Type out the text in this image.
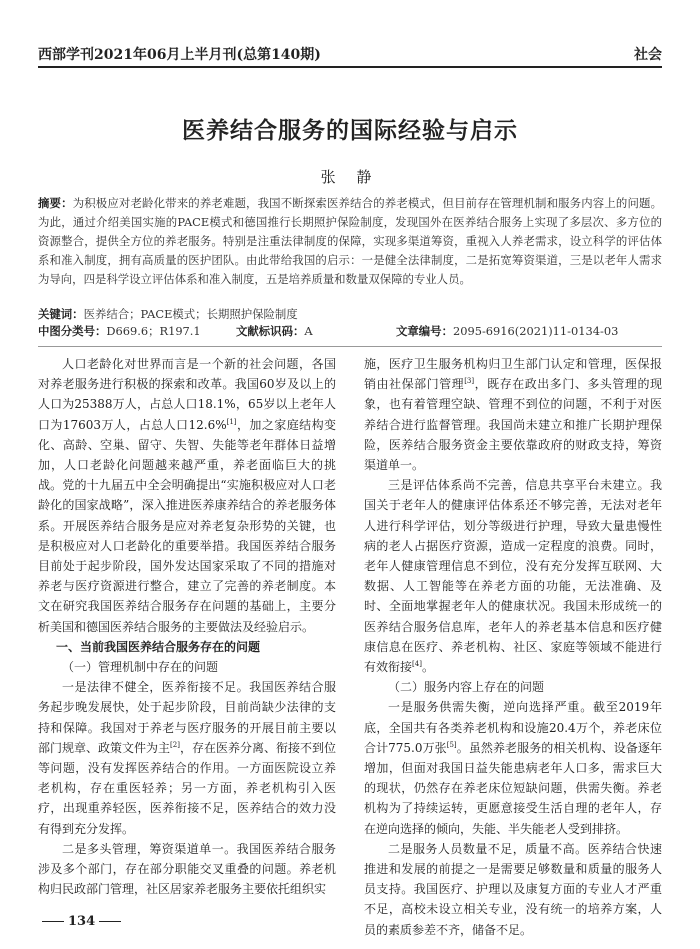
西部学刊2021年06月上半月刊(总第140期)	社会
医养结合服务的国际经验与启示
张 静
摘要：为积极应对老龄化带来的养老难题，我国不断探索医养结合的养老模式，但目前存在管理机制和服务内容上的问题。为此，通过介绍美国实施的PACE模式和德国推行长期照护保险制度，发现国外在医养结合服务上实现了多层次、多方位的资源整合，提供全方位的养老服务。特别是注重法律制度的保障，实现多渠道筹资，重视入人养老需求，设立科学的评估体系和准入制度，拥有高质量的医护团队。由此带给我国的启示：一是健全法律制度，二是拓宽筹资渠道，三是以老年人需求为导向，四是科学设立评估体系和准入制度，五是培养质量和数量双保障的专业人员。
关键词：医养结合；PACE模式；长期照护保险制度
中图分类号：D669.6；R197.1	文献标识码：A	文章编号：2095-6916(2021)11-0134-03

人口老龄化对世界而言是一个新的社会问题，各国对养老服务进行积极的探索和改革。我国60岁及以上的人口为25388万人，占总人口18.1%，65岁以上老年人口为17603万人，占总人口12.6%[1]，加之家庭结构变化、高龄、空巢、留守、失智、失能等老年群体日益增加，人口老龄化问题越来越严重，养老面临巨大的挑战。党的十九届五中全会明确提出“实施积极应对人口老龄化的国家战略”，深入推进医养康养结合的养老服务体系。开展医养结合服务是应对养老复杂形势的关键，也是积极应对人口老龄化的重要举措。我国医养结合服务目前处于起步阶段，国外发达国家采取了不同的措施对养老与医疗资源进行整合，建立了完善的养老制度。本文在研究我国医养结合服务存在问题的基础上，主要分析美国和德国医养结合服务的主要做法及经验启示。

一、当前我国医养结合服务存在的问题

（一）管理机制中存在的问题

一是法律不健全，医养衔接不足。我国医养结合服务起步晚发展快，处于起步阶段，目前尚缺少法律的支持和保障。我国对于养老与医疗服务的开展目前主要以部门规章、政策文件为主[2]，存在医养分离、衔接不到位等问题，没有发挥医养结合的作用。一方面医院设立养老机构，存在重医轻养；另一方面，养老机构引入医疗，出现重养轻医，医养衔接不足，医养结合的效力没有得到充分发挥。

二是多头管理，筹资渠道单一。我国医养结合服务涉及多个部门，存在部分职能交叉重叠的问题。养老机构归民政部门管理，社区居家养老服务主要依托组织实

施，医疗卫生服务机构归卫生部门认定和管理，医保报销由社保部门管理[3]，既存在政出多门、多头管理的现象，也有着管理空缺、管理不到位的问题，不利于对医养结合进行监督管理。我国尚未建立和推广长期护理保险，医养结合服务资金主要依靠政府的财政支持，筹资渠道单一。

三是评估体系尚不完善，信息共享平台未建立。我国关于老年人的健康评估体系还不够完善，无法对老年人进行科学评估，划分等级进行护理，导致大量患慢性病的老人占据医疗资源，造成一定程度的浪费。同时，老年人健康管理信息不到位，没有充分发挥互联网、大数据、人工智能等在养老方面的功能，无法准确、及时、全面地掌握老年人的健康状况。我国未形成统一的医养结合服务信息库，老年人的养老基本信息和医疗健康信息在医疗、养老机构、社区、家庭等领域不能进行有效衔接[4]。

（二）服务内容上存在的问题

一是服务供需失衡，逆向选择严重。截至2019年底，全国共有各类养老机构和设施20.4万个，养老床位合计775.0万张[5]。虽然养老服务的相关机构、设备逐年增加，但面对我国日益失能患病老年人口多，需求巨大的现状，仍然存在养老床位短缺问题，供需失衡。养老机构为了持续运转，更愿意接受生活自理的老年人，存在逆向选择的倾向，失能、半失能老人受到排挤。

二是服务人员数量不足，质量不高。医养结合快速推进和发展的前提之一是需要足够数量和质量的服务人员支持。我国医疗、护理以及康复方面的专业人才严重不足，高校未设立相关专业，没有统一的培养方案，人员的素质参差不齐，储备不足。

134
